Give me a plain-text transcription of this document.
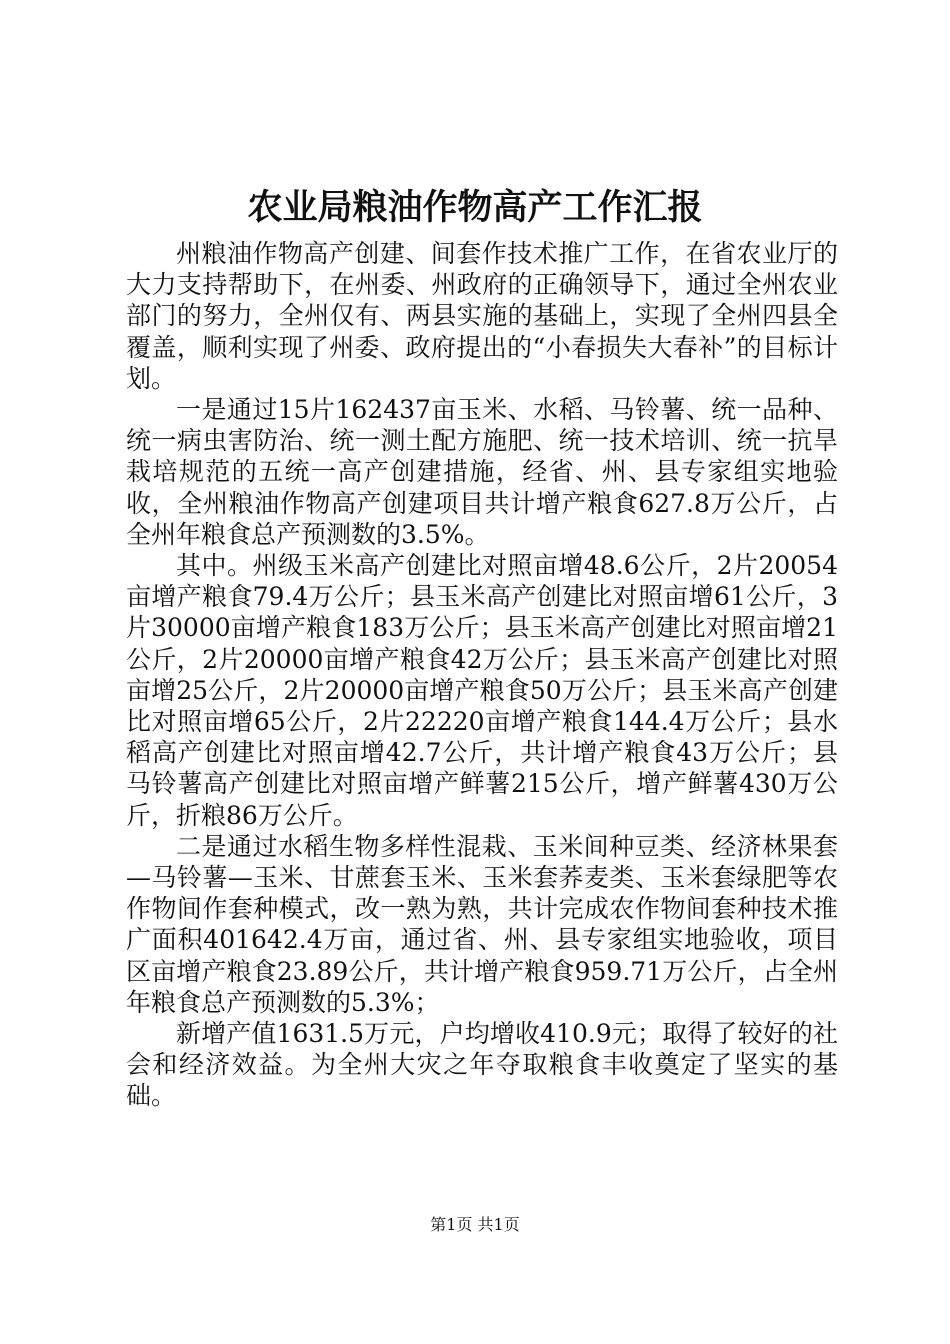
农业局粮油作物高产工作汇报

州粮油作物高产创建、间套作技术推广工作，在省农业厅的大力支持帮助下，在州委、州政府的正确领导下，通过全州农业部门的努力，全州仅有、两县实施的基础上，实现了全州四县全覆盖，顺利实现了州委、政府提出的“小春损失大春补”的目标计划。

一是通过15片162437亩玉米、水稻、马铃薯、统一品种、统一病虫害防治、统一测土配方施肥、统一技术培训、统一抗旱栽培规范的五统一高产创建措施，经省、州、县专家组实地验收，全州粮油作物高产创建项目共计增产粮食627.8万公斤，占全州年粮食总产预测数的3.5%。

其中。州级玉米高产创建比对照亩增48.6公斤，2片20054亩增产粮食79.4万公斤；县玉米高产创建比对照亩增61公斤，3片30000亩增产粮食183万公斤；县玉米高产创建比对照亩增21公斤，2片20000亩增产粮食42万公斤；县玉米高产创建比对照亩增25公斤，2片20000亩增产粮食50万公斤；县玉米高产创建比对照亩增65公斤，2片22220亩增产粮食144.4万公斤；县水稻高产创建比对照亩增42.7公斤，共计增产粮食43万公斤；县马铃薯高产创建比对照亩增产鲜薯215公斤，增产鲜薯430万公斤，折粮86万公斤。

二是通过水稻生物多样性混栽、玉米间种豆类、经济林果套—马铃薯—玉米、甘蔗套玉米、玉米套荞麦类、玉米套绿肥等农作物间作套种模式，改一熟为熟，共计完成农作物间套种技术推广面积401642.4万亩，通过省、州、县专家组实地验收，项目区亩增产粮食23.89公斤，共计增产粮食959.71万公斤，占全州年粮食总产预测数的5.3%；

新增产值1631.5万元，户均增收410.9元；取得了较好的社会和经济效益。为全州大灾之年夺取粮食丰收奠定了坚实的基础。

第1页 共1页
